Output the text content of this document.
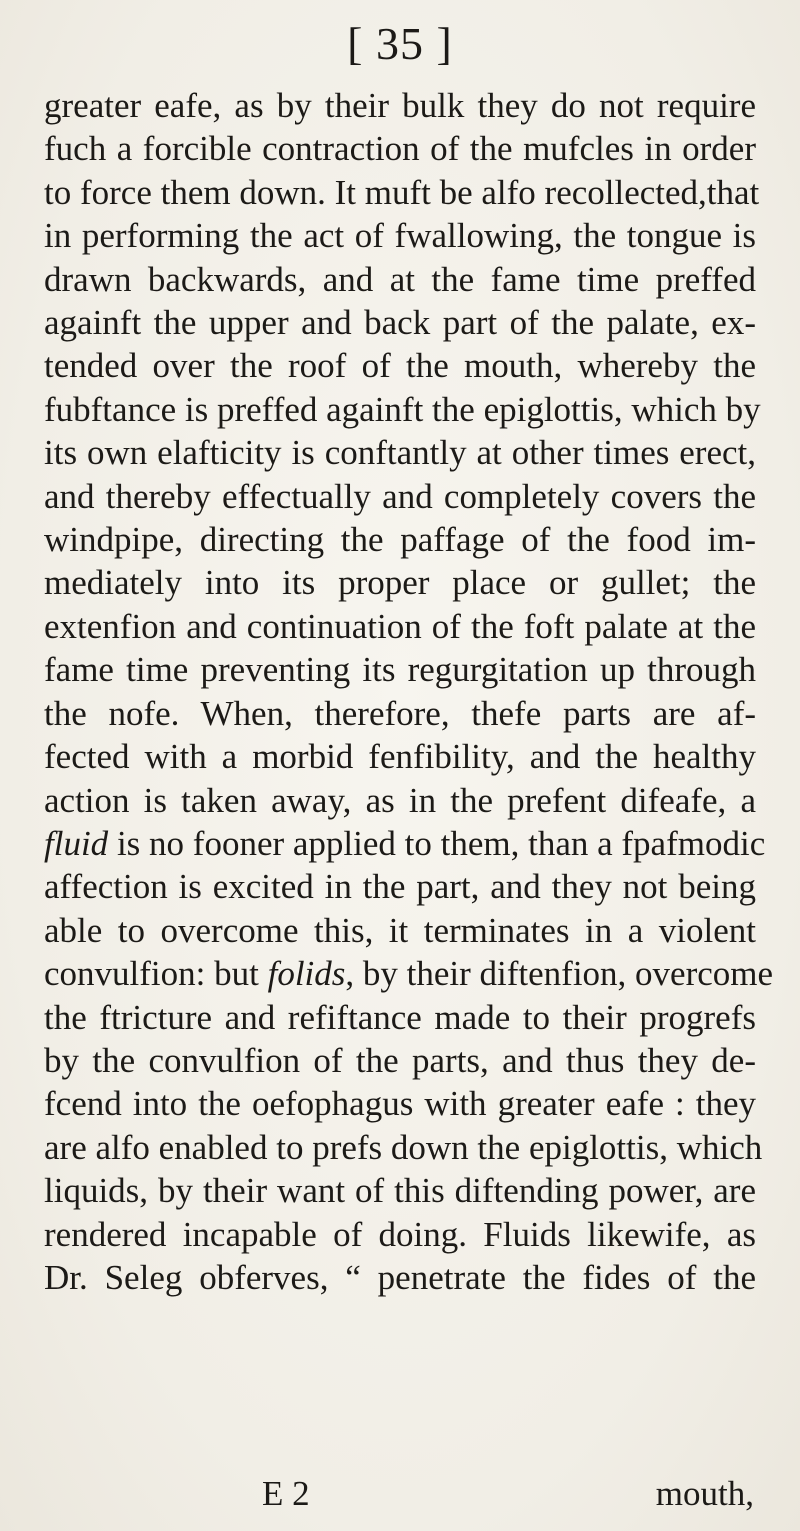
[ 35 ]
greater eafe, as by their bulk they do not require
fuch a forcible contraction of the mufcles in order
to force them down. It muft be alfo recollected,that
in performing the act of fwallowing, the tongue is
drawn backwards, and at the fame time preffed
againft the upper and back part of the palate, ex-
tended over the roof of the mouth, whereby the
fubftance is preffed againft the epiglottis, which by
its own elafticity is conftantly at other times erect,
and thereby effectually and completely covers the
windpipe, directing the paffage of the food im-
mediately into its proper place or gullet; the
extenfion and continuation of the foft palate at the
fame time preventing its regurgitation up through
the nofe. When, therefore, thefe parts are af-
fected with a morbid fenfibility, and the healthy
action is taken away, as in the prefent difeafe, a
fluid is no fooner applied to them, than a fpafmodic
affection is excited in the part, and they not being
able to overcome this, it terminates in a violent
convulfion: but folids, by their diftenfion, overcome
the ftricture and refiftance made to their progrefs
by the convulfion of the parts, and thus they de-
fcend into the oefophagus with greater eafe : they
are alfo enabled to prefs down the epiglottis, which
liquids, by their want of this diftending power, are
rendered incapable of doing. Fluids likewife, as
Dr. Seleg obferves, “ penetrate the fides of the
E 2	mouth,
